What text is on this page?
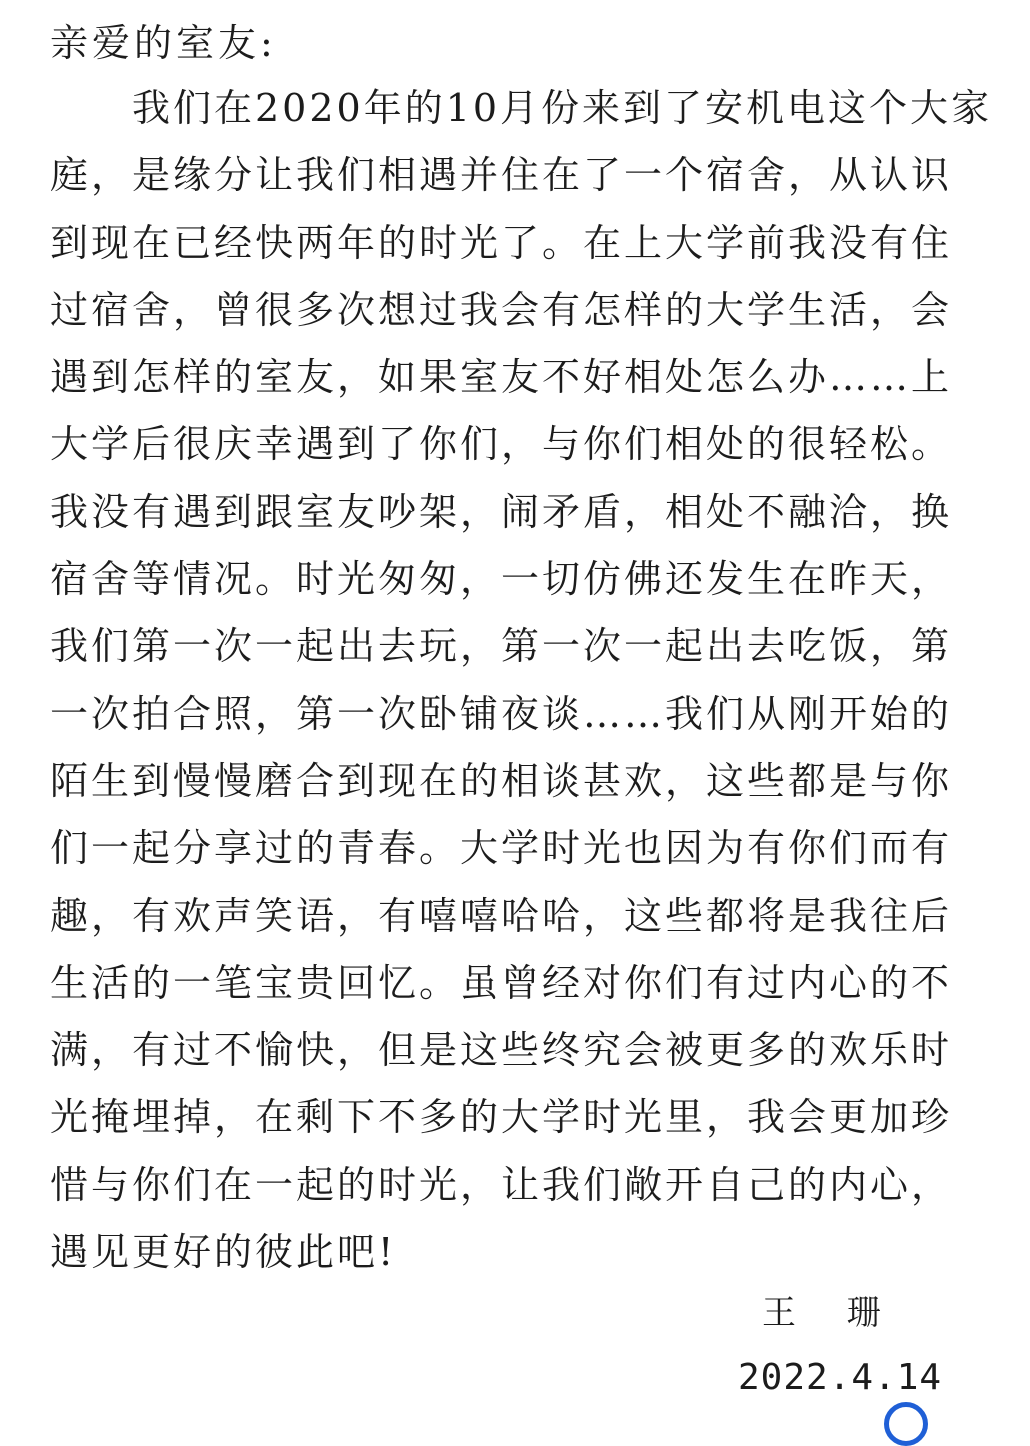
亲爱的室友:
　　我们在2020年的10月份来到了安机电这个大家
庭，是缘分让我们相遇并住在了一个宿舍，从认识
到现在已经快两年的时光了。在上大学前我没有住
过宿舍，曾很多次想过我会有怎样的大学生活，会
遇到怎样的室友，如果室友不好相处怎么办……上
大学后很庆幸遇到了你们，与你们相处的很轻松。
我没有遇到跟室友吵架，闹矛盾，相处不融洽，换
宿舍等情况。时光匆匆，一切仿佛还发生在昨天，
我们第一次一起出去玩，第一次一起出去吃饭，第
一次拍合照，第一次卧铺夜谈……我们从刚开始的
陌生到慢慢磨合到现在的相谈甚欢，这些都是与你
们一起分享过的青春。大学时光也因为有你们而有
趣，有欢声笑语，有嘻嘻哈哈，这些都将是我往后
生活的一笔宝贵回忆。虽曾经对你们有过内心的不
满，有过不愉快，但是这些终究会被更多的欢乐时
光掩埋掉，在剩下不多的大学时光里，我会更加珍
惜与你们在一起的时光，让我们敞开自己的内心，
遇见更好的彼此吧!
王 珊
2022.4.14
